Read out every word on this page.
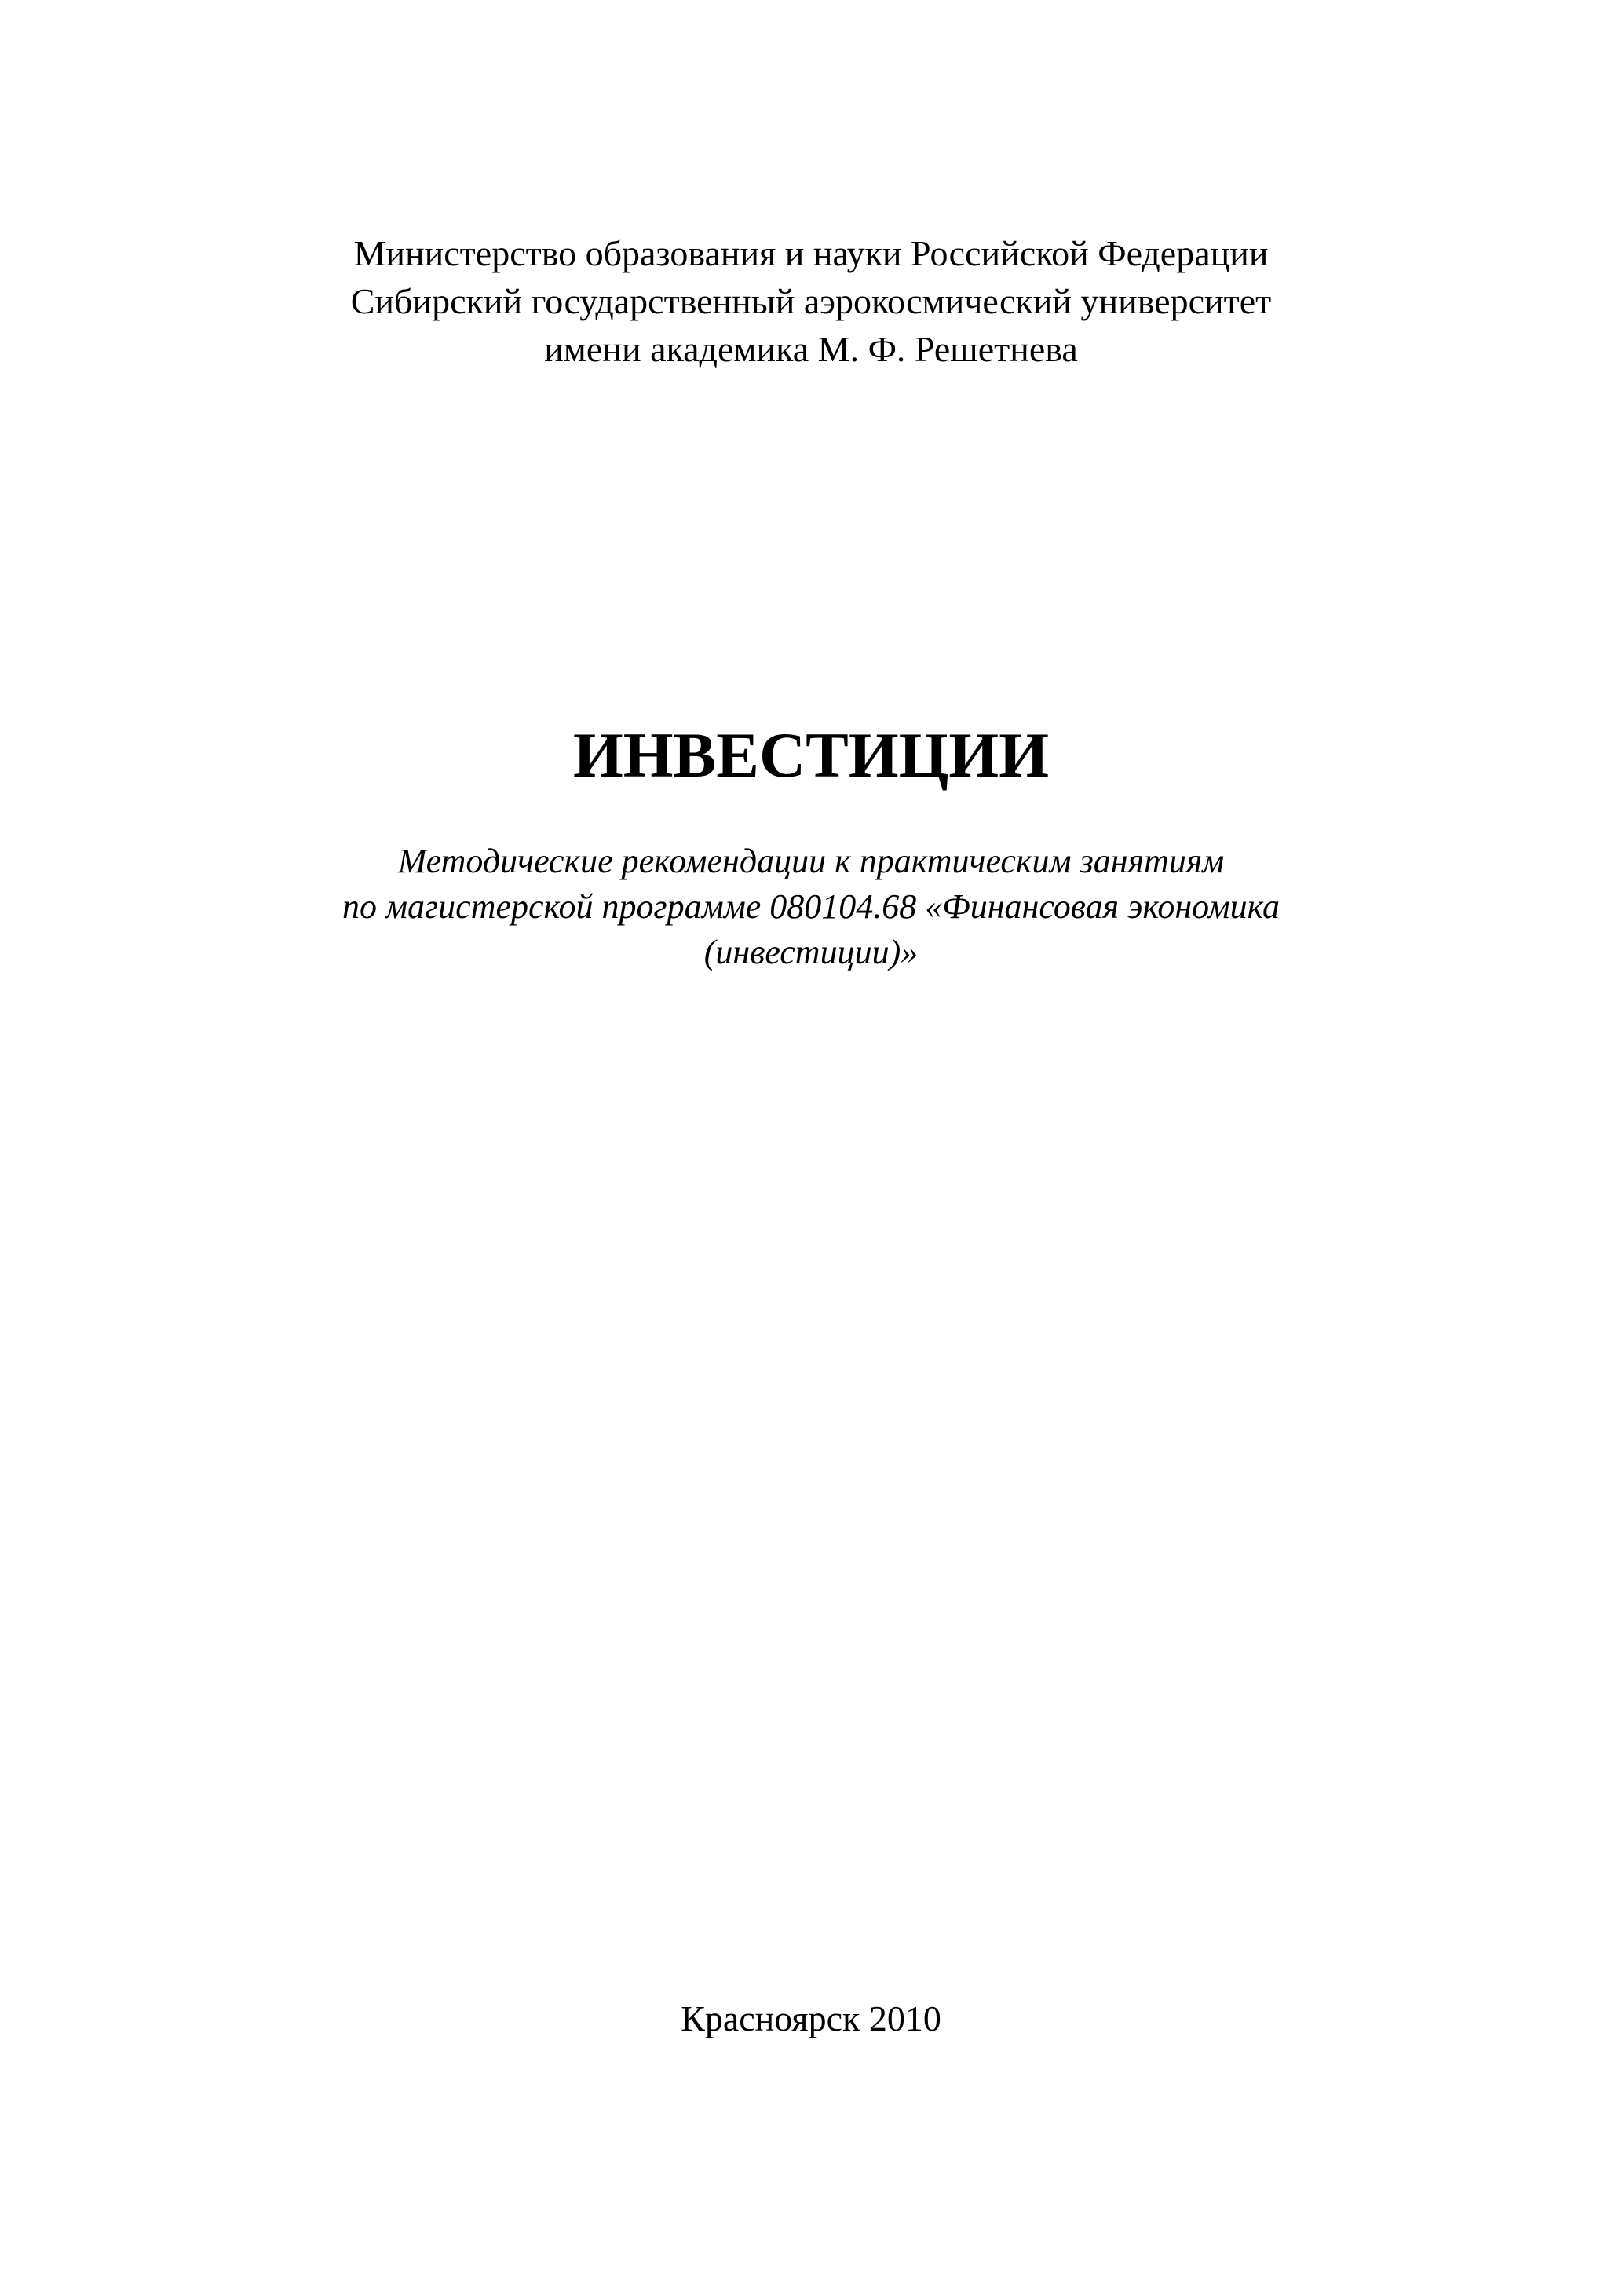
Министерство образования и науки Российской Федерации
Сибирский государственный аэрокосмический университет
имени академика М. Ф. Решетнева
ИНВЕСТИЦИИ
Методические рекомендации к практическим занятиям
по магистерской программе 080104.68 «Финансовая экономика
(инвестиции)»
Красноярск 2010
